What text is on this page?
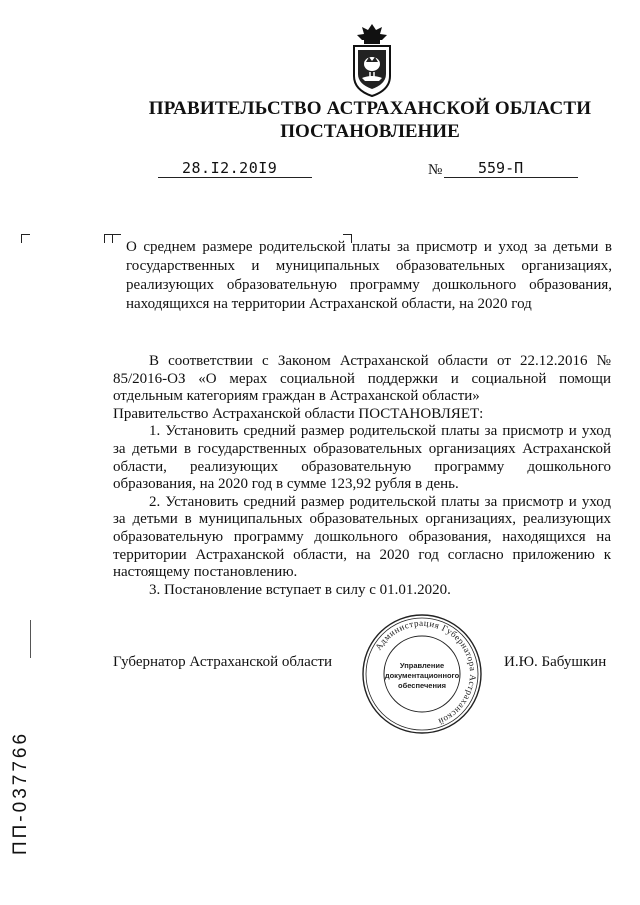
ПРАВИТЕЛЬСТВО АСТРАХАНСКОЙ ОБЛАСТИ
ПОСТАНОВЛЕНИЕ
28.I2.20I9	№ 559-П
О среднем размере родительской платы за присмотр и уход за детьми в государственных и муниципальных образовательных организациях, реализующих образовательную программу дошкольного образования, находящихся на территории Астраханской области, на 2020 год

В соответствии с Законом Астраханской области от 22.12.2016 № 85/2016-ОЗ «О мерах социальной поддержки и социальной помощи отдельным категориям граждан в Астраханской области»

Правительство Астраханской области ПОСТАНОВЛЯЕТ:

1. Установить средний размер родительской платы за присмотр и уход за детьми в государственных образовательных организациях Астраханской области, реализующих образовательную программу дошкольного образования, на 2020 год в сумме 123,92 рубля в день.

2. Установить средний размер родительской платы за присмотр и уход за детьми в муниципальных образовательных организациях, реализующих образовательную программу дошкольного образования, находящихся на территории Астраханской области, на 2020 год согласно приложению к настоящему постановлению.

3. Постановление вступает в силу с 01.01.2020.

Губернатор Астраханской области	И.Ю. Бабушкин
Администрация Губернатора Астраханской
Управление
документационного
обеспечения
ПП-037766
